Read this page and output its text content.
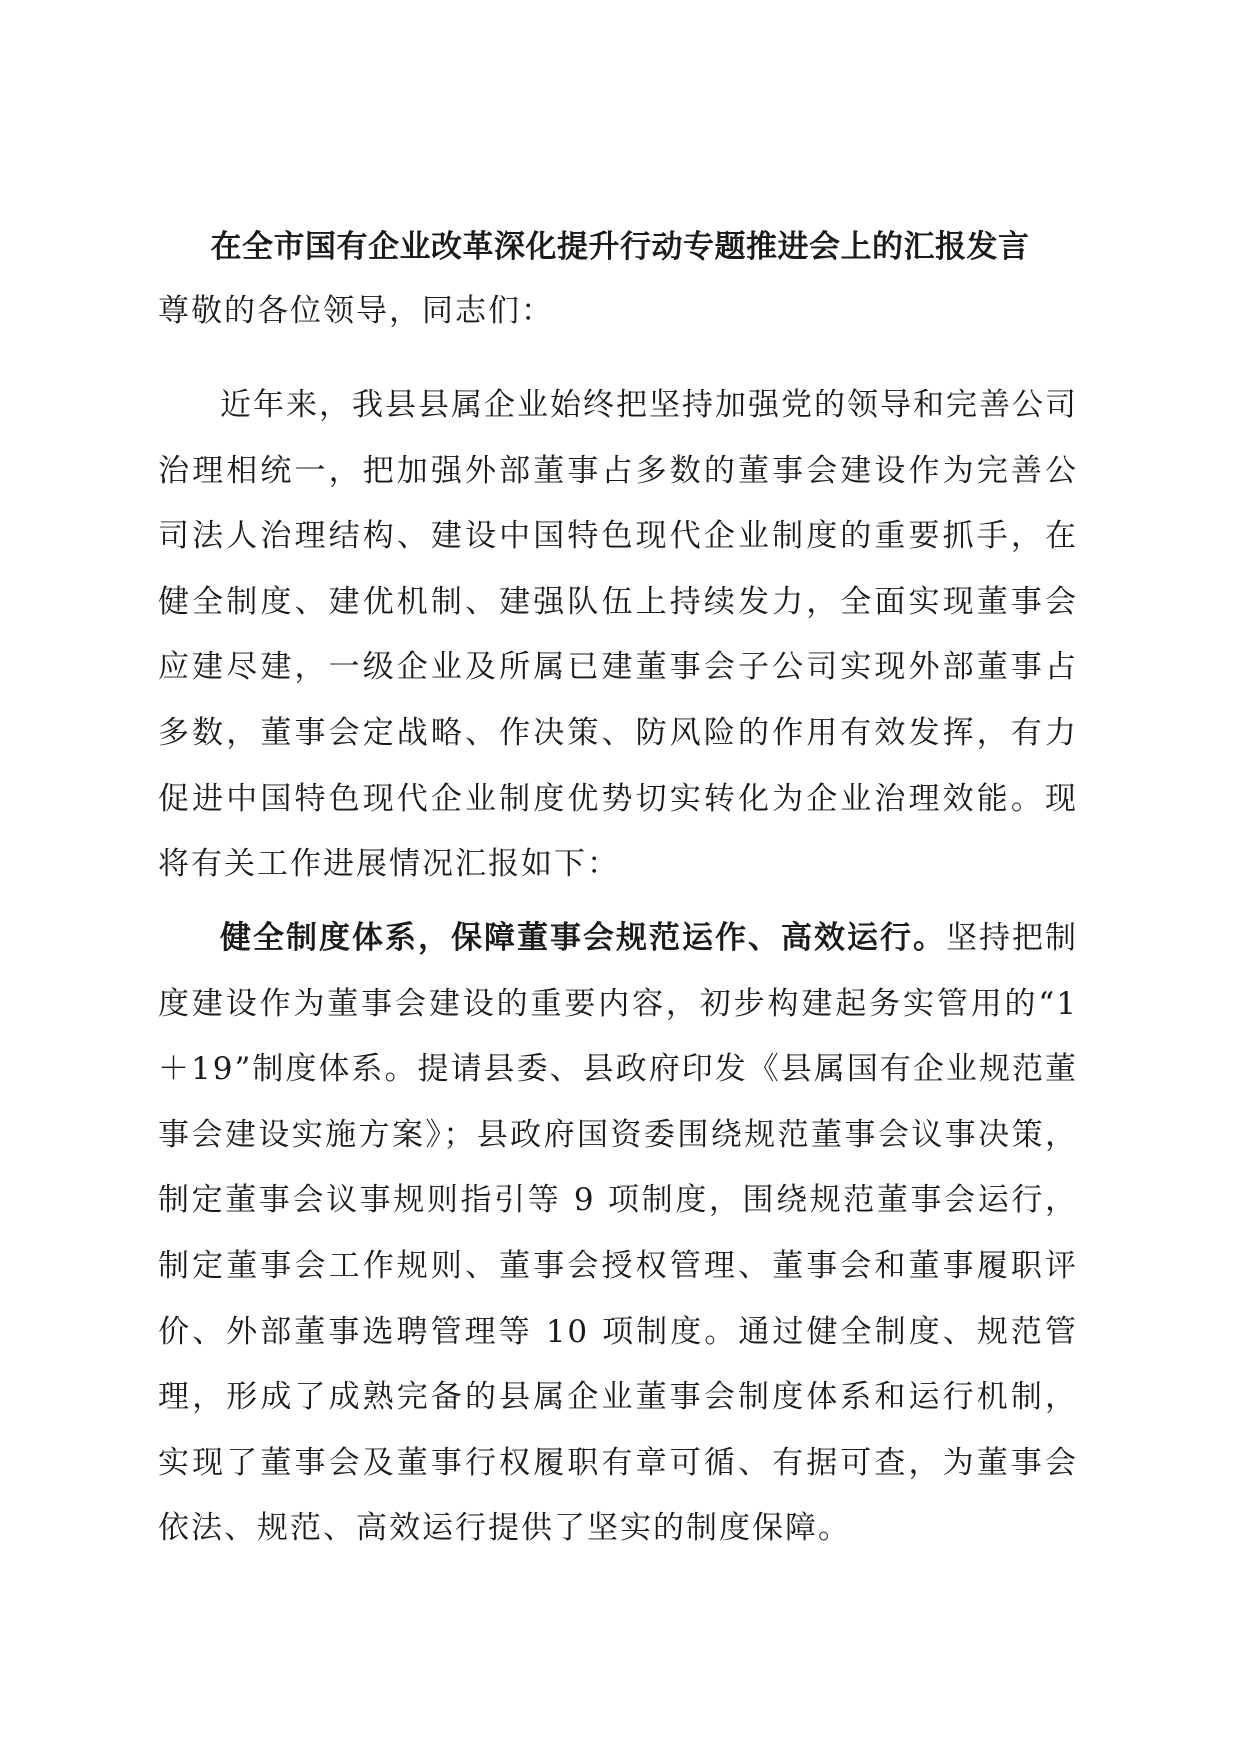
在全市国有企业改革深化提升行动专题推进会上的汇报发言

尊敬的各位领导，同志们：

近年来，我县县属企业始终把坚持加强党的领导和完善公司治理相统一，把加强外部董事占多数的董事会建设作为完善公司法人治理结构、建设中国特色现代企业制度的重要抓手，在健全制度、建优机制、建强队伍上持续发力，全面实现董事会应建尽建，一级企业及所属已建董事会子公司实现外部董事占多数，董事会定战略、作决策、防风险的作用有效发挥，有力促进中国特色现代企业制度优势切实转化为企业治理效能。现将有关工作进展情况汇报如下：

健全制度体系，保障董事会规范运作、高效运行。坚持把制度建设作为董事会建设的重要内容，初步构建起务实管用的“1＋19”制度体系。提请县委、县政府印发《县属国有企业规范董事会建设实施方案》；县政府国资委围绕规范董事会议事决策，制定董事会议事规则指引等 9 项制度，围绕规范董事会运行，制定董事会工作规则、董事会授权管理、董事会和董事履职评价、外部董事选聘管理等 10 项制度。通过健全制度、规范管理，形成了成熟完备的县属企业董事会制度体系和运行机制，实现了董事会及董事行权履职有章可循、有据可查，为董事会依法、规范、高效运行提供了坚实的制度保障。
